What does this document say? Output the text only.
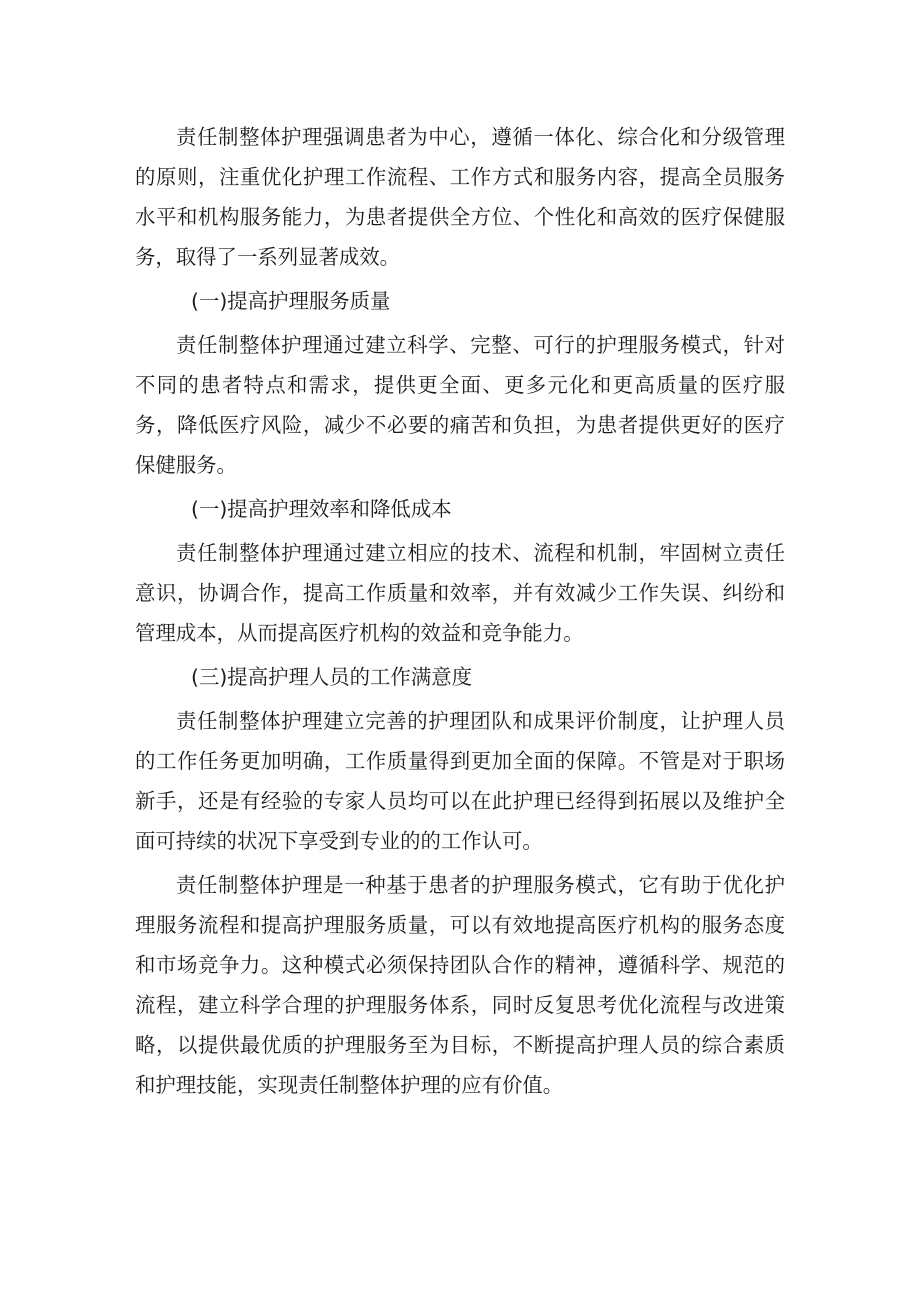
责任制整体护理强调患者为中心，遵循一体化、综合化和分级管理的原则，注重优化护理工作流程、工作方式和服务内容，提高全员服务水平和机构服务能力，为患者提供全方位、个性化和高效的医疗保健服务，取得了一系列显著成效。

(一)提高护理服务质量

责任制整体护理通过建立科学、完整、可行的护理服务模式，针对不同的患者特点和需求，提供更全面、更多元化和更高质量的医疗服务，降低医疗风险，减少不必要的痛苦和负担，为患者提供更好的医疗保健服务。

(一)提高护理效率和降低成本

责任制整体护理通过建立相应的技术、流程和机制，牢固树立责任意识，协调合作，提高工作质量和效率，并有效减少工作失误、纠纷和管理成本，从而提高医疗机构的效益和竞争能力。

(三)提高护理人员的工作满意度

责任制整体护理建立完善的护理团队和成果评价制度，让护理人员的工作任务更加明确，工作质量得到更加全面的保障。不管是对于职场新手，还是有经验的专家人员均可以在此护理已经得到拓展以及维护全面可持续的状况下享受到专业的的工作认可。

责任制整体护理是一种基于患者的护理服务模式，它有助于优化护理服务流程和提高护理服务质量，可以有效地提高医疗机构的服务态度和市场竞争力。这种模式必须保持团队合作的精神，遵循科学、规范的流程，建立科学合理的护理服务体系，同时反复思考优化流程与改进策略，以提供最优质的护理服务至为目标，不断提高护理人员的综合素质和护理技能，实现责任制整体护理的应有价值。
